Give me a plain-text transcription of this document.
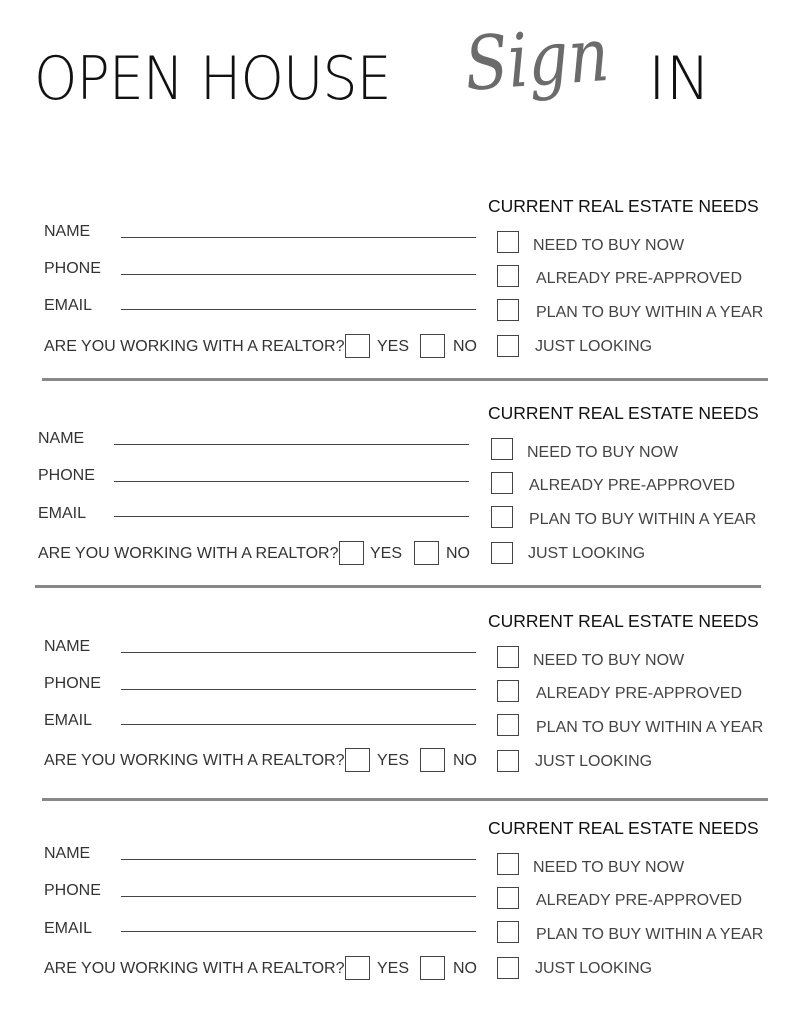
OPEN HOUSE Sign IN
CURRENT REAL ESTATE NEEDS
NAME
PHONE
EMAIL
ARE YOU WORKING WITH A REALTOR? YES	NO
NEED TO BUY NOW
ALREADY PRE-APPROVED
PLAN TO BUY WITHIN A YEAR
JUST LOOKING
CURRENT REAL ESTATE NEEDS
NAME
PHONE
EMAIL
ARE YOU WORKING WITH A REALTOR? YES	NO
NEED TO BUY NOW
ALREADY PRE-APPROVED
PLAN TO BUY WITHIN A YEAR
JUST LOOKING
CURRENT REAL ESTATE NEEDS
NAME
PHONE
EMAIL
ARE YOU WORKING WITH A REALTOR? YES	NO
NEED TO BUY NOW
ALREADY PRE-APPROVED
PLAN TO BUY WITHIN A YEAR
JUST LOOKING
CURRENT REAL ESTATE NEEDS
NAME
PHONE
EMAIL
ARE YOU WORKING WITH A REALTOR? YES	NO
NEED TO BUY NOW
ALREADY PRE-APPROVED
PLAN TO BUY WITHIN A YEAR
JUST LOOKING
